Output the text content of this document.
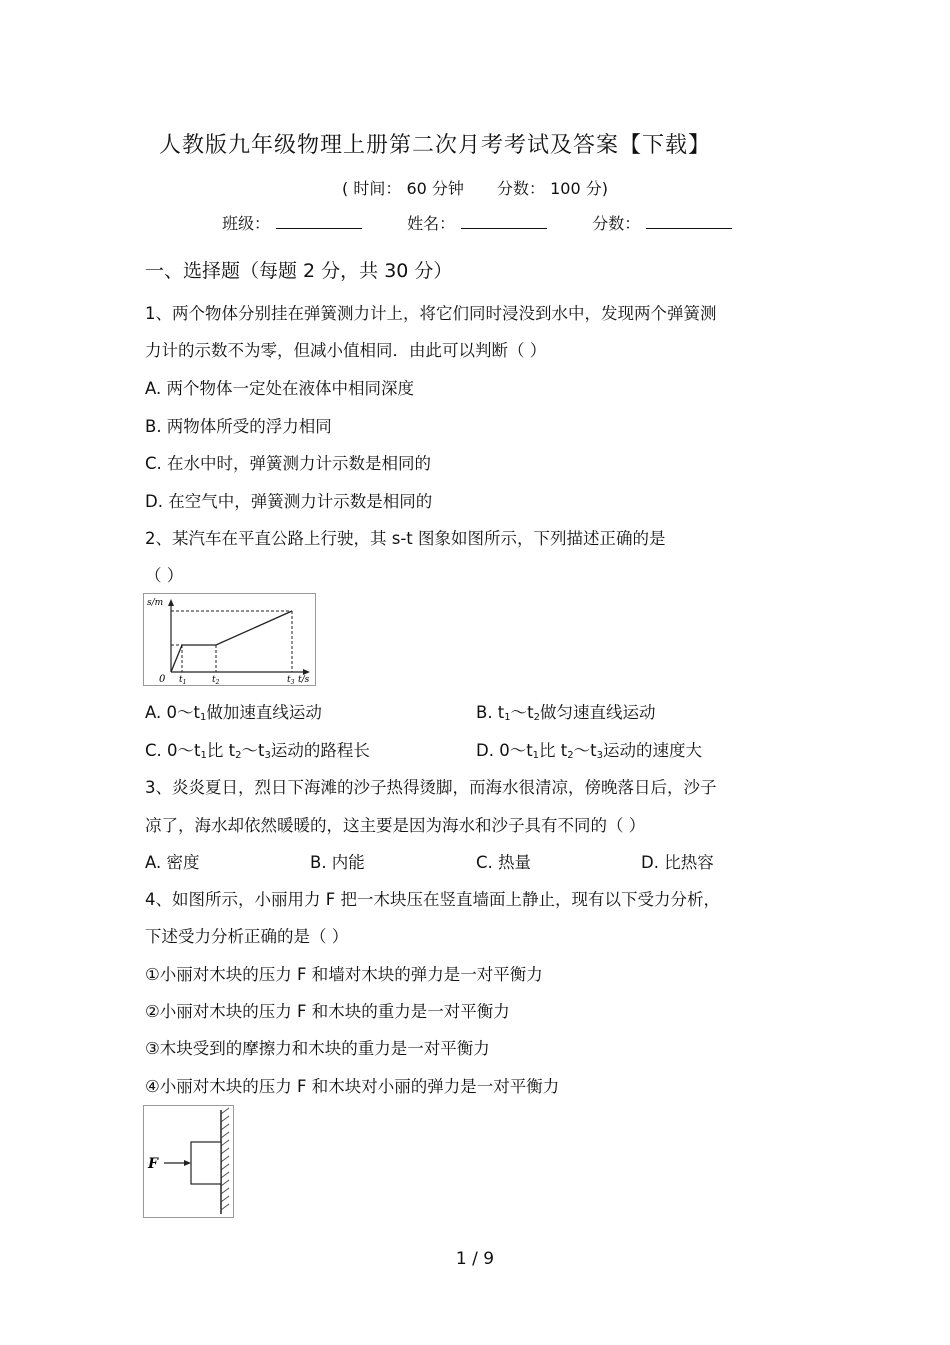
人教版九年级物理上册第二次月考考试及答案【下载】
( 时间： 60 分钟 分数： 100 分)
班级：	姓名：	分数：
一、选择题（每题 2 分，共 30 分）
1、两个物体分别挂在弹簧测力计上，将它们同时浸没到水中，发现两个弹簧测
力计的示数不为零，但减小值相同．由此可以判断（ ）
A. 两个物体一定处在液体中相同深度
B. 两物体所受的浮力相同
C. 在水中时，弹簧测力计示数是相同的
D. 在空气中，弹簧测力计示数是相同的
2、某汽车在平直公路上行驶，其 s-t 图象如图所示，下列描述正确的是
（ ）
s/m
0 $t_1$	$t_2$	$t_3$ t/s
A. $0\sim t_1$做加速直线运动	B. $t_1\sim t_2$做匀速直线运动
C. $0\sim t_1$比 $t_2\sim t_3$运动的路程长	D. $0\sim t_1$比 $t_2\sim t_3$运动的速度大
3、炎炎夏日，烈日下海滩的沙子热得烫脚，而海水很清凉，傍晚落日后，沙子
凉了，海水却依然暖暖的，这主要是因为海水和沙子具有不同的（ ）
A. 密度	B. 内能	C. 热量	D. 比热容
4、如图所示，小丽用力 F 把一木块压在竖直墙面上静止，现有以下受力分析，
下述受力分析正确的是（ ）
①小丽对木块的压力 F 和墙对木块的弹力是一对平衡力
②小丽对木块的压力 F 和木块的重力是一对平衡力
③木块受到的摩擦力和木块的重力是一对平衡力
④小丽对木块的压力 F 和木块对小丽的弹力是一对平衡力
F
1 / 9
